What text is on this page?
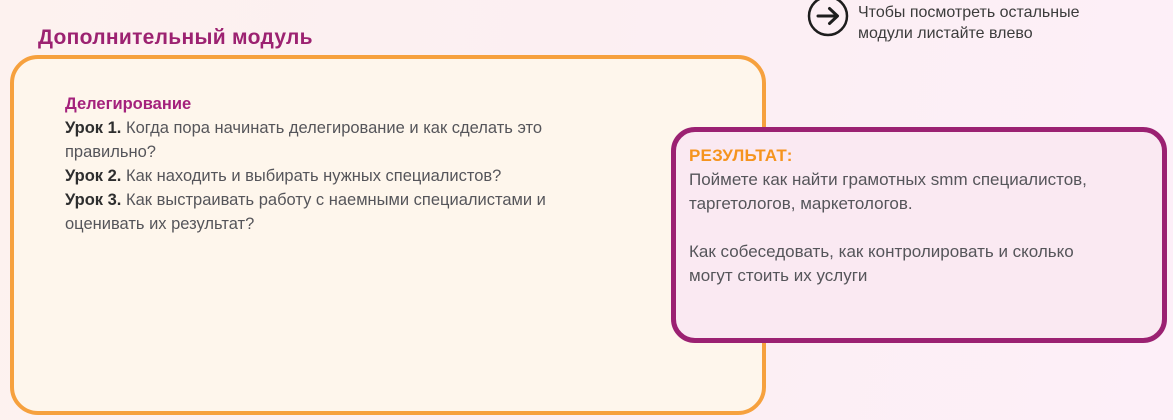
Дополнительный модуль
Чтобы посмотреть остальные модули листайте влево
Делегирование
Урок 1. Когда пора начинать делегирование и как сделать это правильно?
Урок 2. Как находить и выбирать нужных специалистов?
Урок 3. Как выстраивать работу с наемными специалистами и оценивать их результат?
РЕЗУЛЬТАТ:

Поймете как найти грамотных smm специалистов, таргетологов, маркетологов.

Как собеседовать, как контролировать и сколько могут стоить их услуги
